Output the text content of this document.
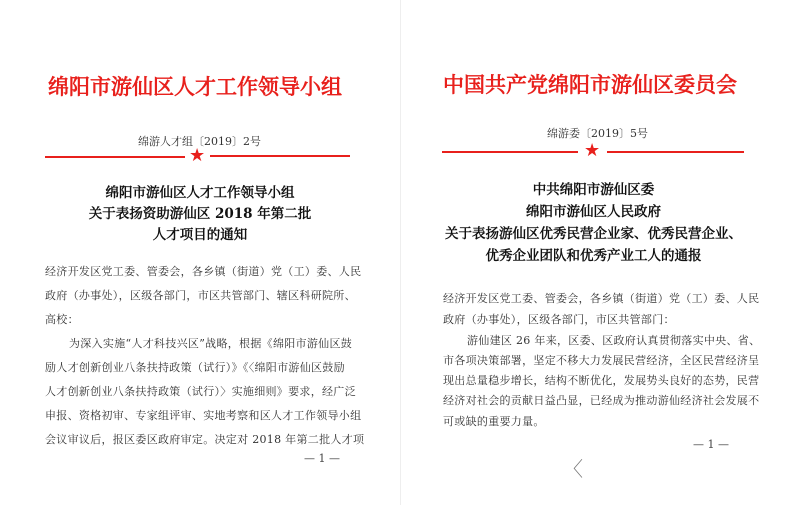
绵阳市游仙区人才工作领导小组
绵游人才组〔2019〕2号
★
绵阳市游仙区人才工作领导小组
关于表扬资助游仙区 2018 年第二批
人才项目的通知
经济开发区党工委、管委会，各乡镇（街道）党（工）委、人民
政府（办事处），区级各部门，市区共管部门、辖区科研院所、
高校：
为深入实施“人才科技兴区”战略，根据《绵阳市游仙区鼓
励人才创新创业八条扶持政策（试行）》《〈绵阳市游仙区鼓励
人才创新创业八条扶持政策（试行）〉实施细则》要求，经广泛
申报、资格初审、专家组评审、实地考察和区人才工作领导小组
会议审议后，报区委区政府审定。决定对 2018 年第二批人才项
— 1 —
中国共产党绵阳市游仙区委员会
绵游委〔2019〕5号
★
中共绵阳市游仙区委
绵阳市游仙区人民政府
关于表扬游仙区优秀民营企业家、优秀民营企业、
优秀企业团队和优秀产业工人的通报
经济开发区党工委、管委会，各乡镇（街道）党（工）委、人民
政府（办事处），区级各部门，市区共管部门：
游仙建区 26 年来，区委、区政府认真贯彻落实中央、省、
市各项决策部署，坚定不移大力发展民营经济，全区民营经济呈
现出总量稳步增长，结构不断优化，发展势头良好的态势，民营
经济对社会的贡献日益凸显，已经成为推动游仙经济社会发展不
可或缺的重要力量。
— 1 —
〈
